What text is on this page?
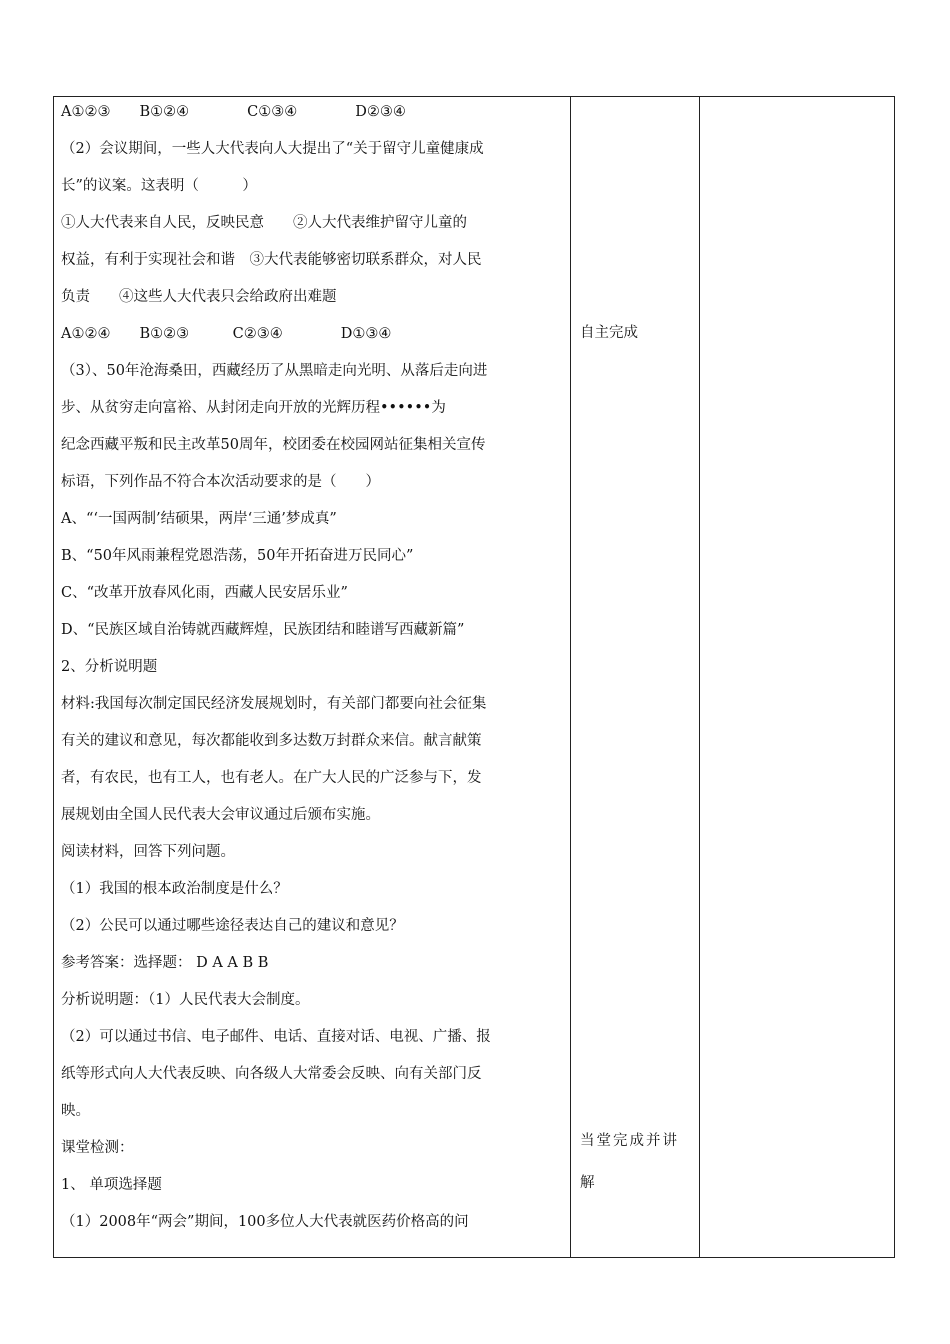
A①②③　　B①②④　　　　C①③④　　　　D②③④
（2）会议期间，一些人大代表向人大提出了“关于留守儿童健康成
长”的议案。这表明（　　　）
①人大代表来自人民，反映民意　　②人大代表维护留守儿童的
权益，有利于实现社会和谐　③大代表能够密切联系群众，对人民
负责　　④这些人大代表只会给政府出难题
A①②④　　B①②③　　　C②③④　　　　D①③④
（3）、50年沧海桑田，西藏经历了从黑暗走向光明、从落后走向进
步、从贫穷走向富裕、从封闭走向开放的光辉历程••••••为
纪念西藏平叛和民主改革50周年，校团委在校园网站征集相关宣传
标语，下列作品不符合本次活动要求的是（　　）
A、“‘一国两制’结硕果，两岸‘三通’梦成真”
B、“50年风雨兼程党恩浩荡，50年开拓奋进万民同心”
C、“改革开放春风化雨，西藏人民安居乐业”
D、“民族区域自治铸就西藏辉煌，民族团结和睦谱写西藏新篇”
2、分析说明题
材料:我国每次制定国民经济发展规划时，有关部门都要向社会征集
有关的建议和意见，每次都能收到多达数万封群众来信。献言献策
者，有农民，也有工人，也有老人。在广大人民的广泛参与下，发
展规划由全国人民代表大会审议通过后颁布实施。
阅读材料，回答下列问题。
（1）我国的根本政治制度是什么？
（2）公民可以通过哪些途径表达自己的建议和意见？
参考答案：选择题： D A A B B
分析说明题：（1）人民代表大会制度。
（2）可以通过书信、电子邮件、电话、直接对话、电视、广播、报
纸等形式向人大代表反映、向各级人大常委会反映、向有关部门反
映。
课堂检测：
1、 单项选择题
（1）2008年“两会”期间，100多位人大代表就医药价格高的问
自主完成
当堂完成并讲
解
